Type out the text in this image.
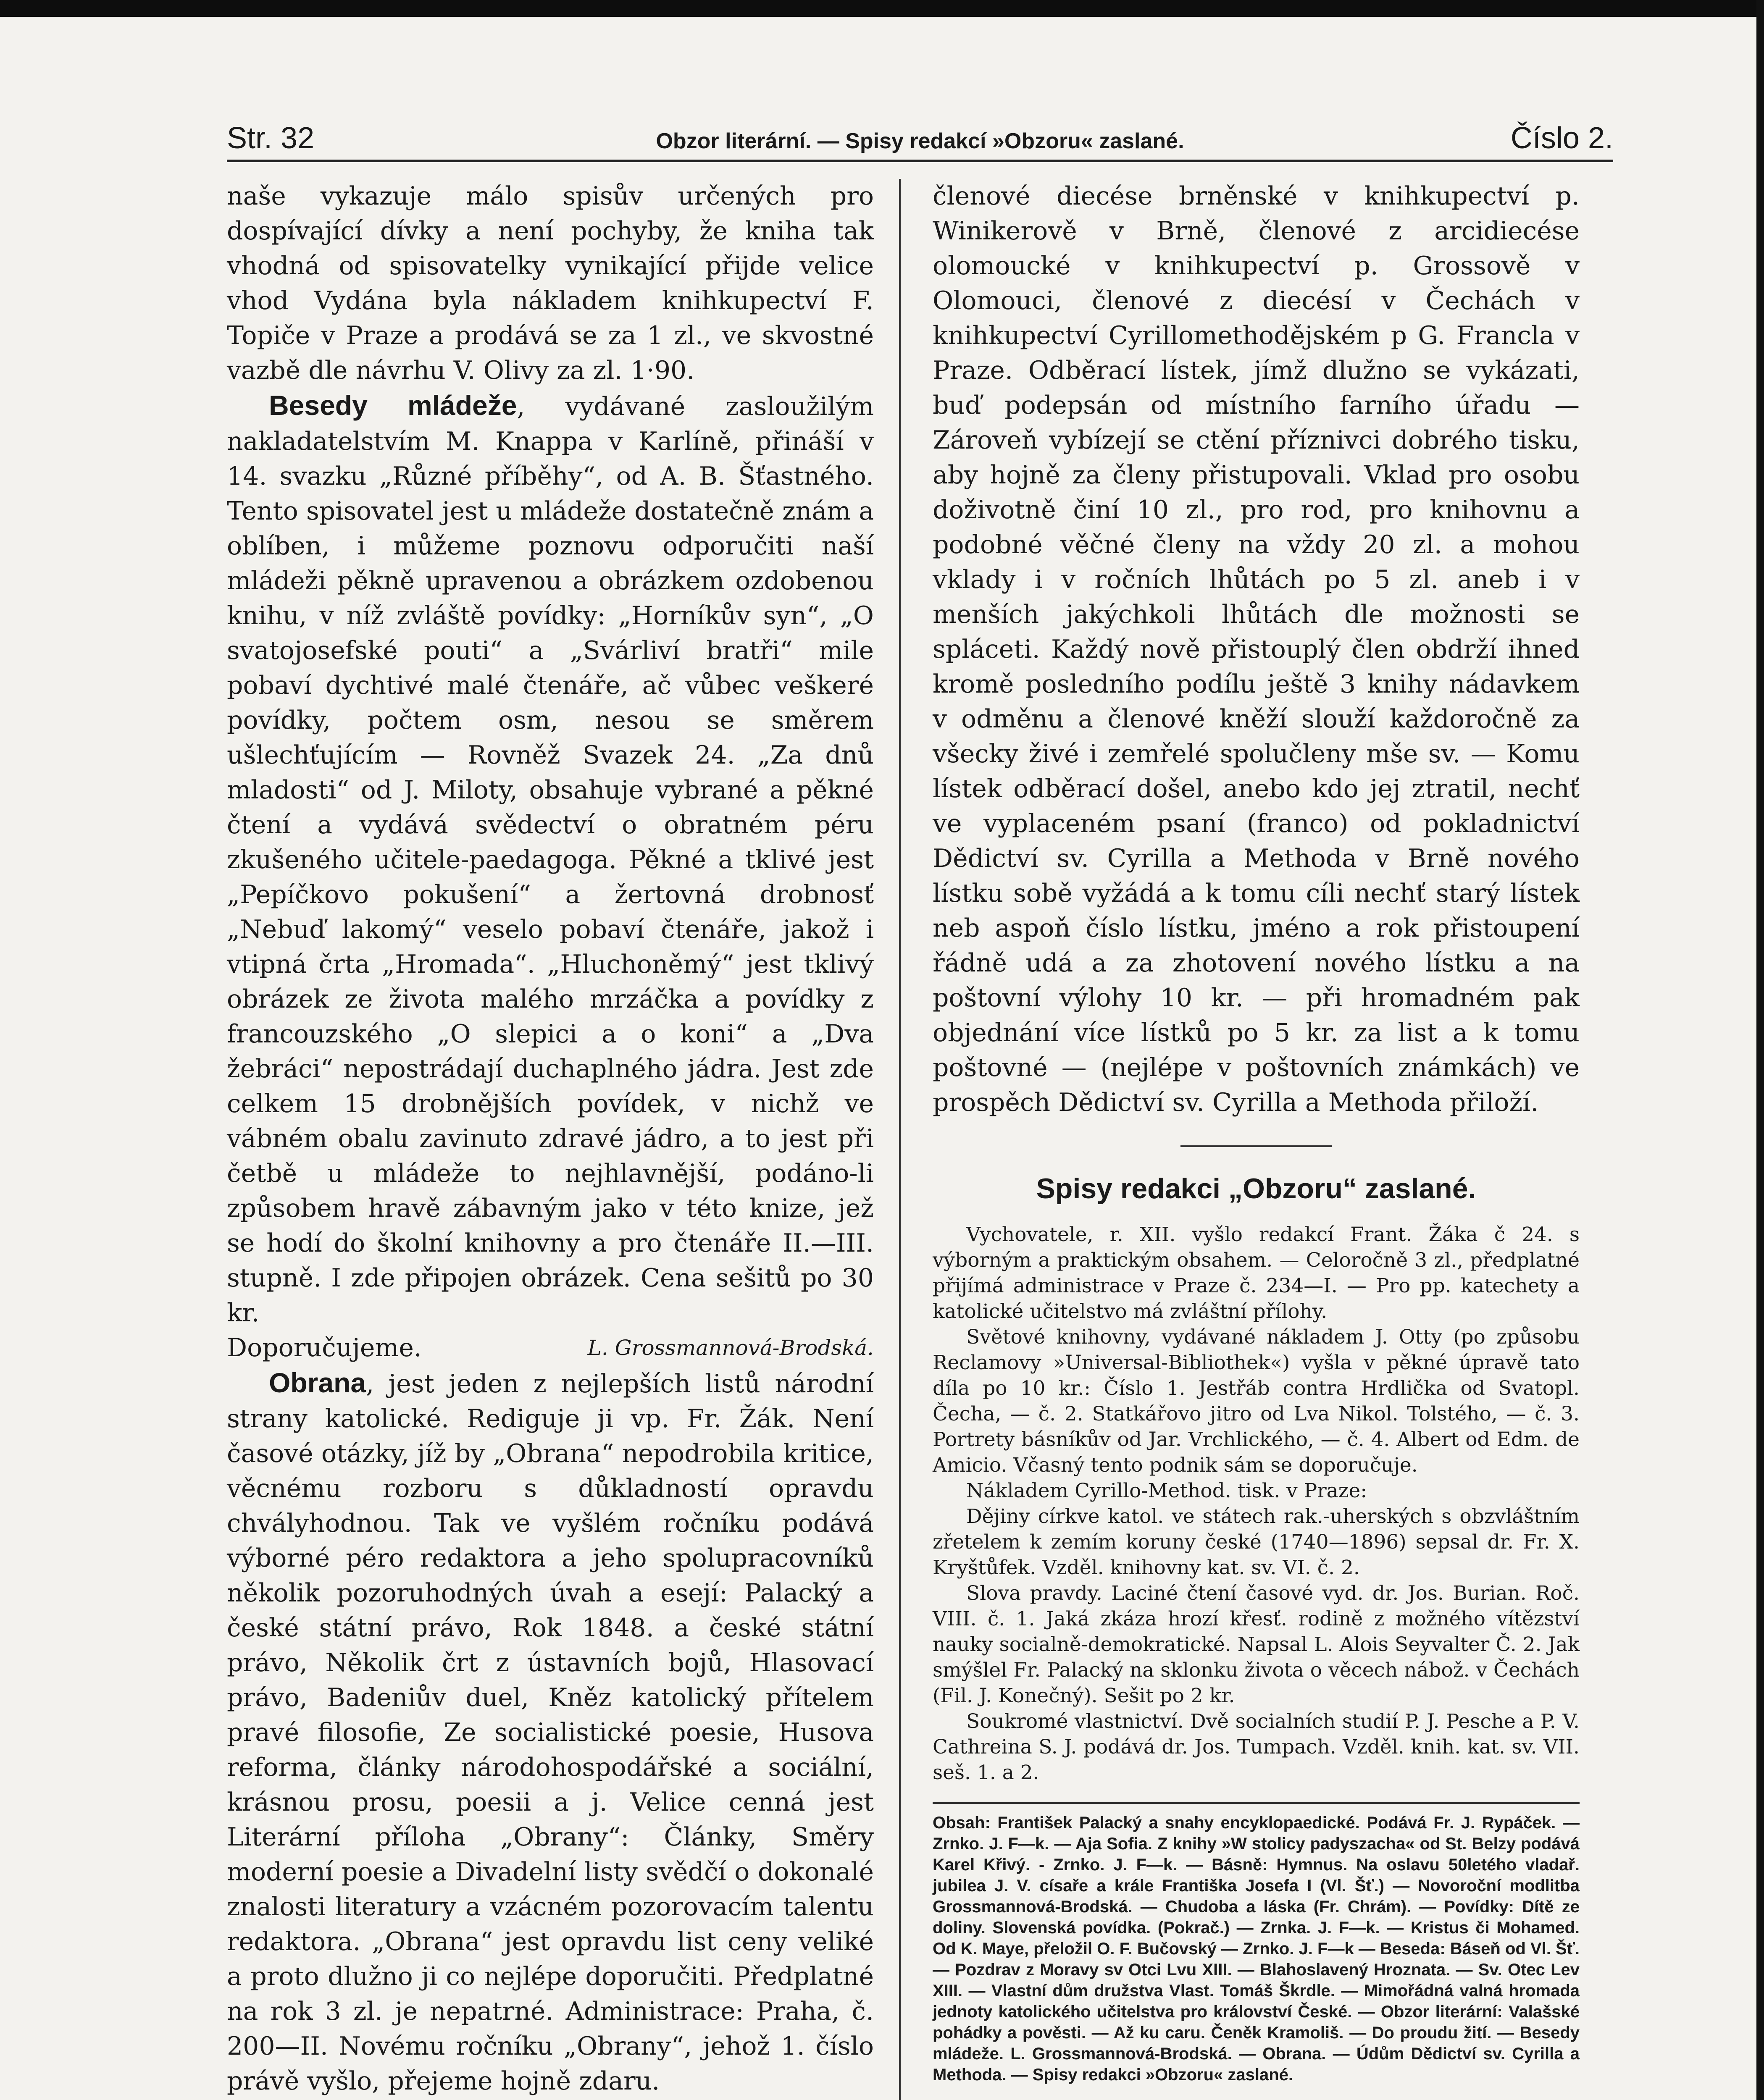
Str. 32	Obzor literární. — Spisy redakcí »Obzoru« zaslané.	Číslo 2.

naše vykazuje málo spisův určených pro dospívající dívky a není pochyby, že kniha tak vhodná od spisovatelky vynikající přijde velice vhod Vydána byla nákladem knihkupectví F. Topiče v Praze a prodává se za 1 zl., ve skvostné vazbě dle návrhu V. Olivy za zl. 1·90.

Besedy mládeže, vydávané zasloužilým nakladatelstvím M. Knappa v Karlíně, přináší v 14. svazku „Různé příběhy“, od A. B. Šťastného. Tento spisovatel jest u mládeže dostatečně znám a oblíben, i můžeme poznovu odporučiti naší mládeži pěkně upravenou a obrázkem ozdobenou knihu, v níž zvláště povídky: „Horníkův syn“, „O svatojosefské pouti“ a „Svárliví bratři“ mile pobaví dychtivé malé čtenáře, ač vůbec veškeré povídky, počtem osm, nesou se směrem ušlechťujícím — Rovněž Svazek 24. „Za dnů mladosti“ od J. Miloty, obsahuje vybrané a pěkné čtení a vydává svědectví o obratném péru zkušeného učitele-paedagoga. Pěkné a tklivé jest „Pepíčkovo pokušení“ a žertovná drobnosť „Nebuď lakomý“ veselo pobaví čtenáře, jakož i vtipná črta „Hromada“. „Hluchoněmý“ jest tklivý obrázek ze života malého mrzáčka a povídky z francouzského „O slepici a o koni“ a „Dva žebráci“ nepostrádají duchaplného jádra. Jest zde celkem 15 drobnějších povídek, v nichž ve vábném obalu zavinuto zdravé jádro, a to jest při četbě u mládeže to nejhlavnější, podáno-li způsobem hravě zábavným jako v této knize, jež se hodí do školní knihovny a pro čtenáře II.—III. stupně. I zde připojen obrázek. Cena sešitů po 30 kr.

Doporučujeme.	L. Grossmannová-Brodská.

Obrana, jest jeden z nejlepších listů národní strany katolické. Rediguje ji vp. Fr. Žák. Není časové otázky, jíž by „Obrana“ nepodrobila kritice, věcnému rozboru s důkladností opravdu chvályhodnou. Tak ve vyšlém ročníku podává výborné péro redaktora a jeho spolupracovníků několik pozoruhodných úvah a esejí: Palacký a české státní právo, Rok 1848. a české státní právo, Několik črt z ústavních bojů, Hlasovací právo, Badeniův duel, Kněz katolický přítelem pravé filosofie, Ze socialistické poesie, Husova reforma, články národohospodářské a sociální, krásnou prosu, poesii a j. Velice cenná jest Literární příloha „Obrany“: Články, Směry moderní poesie a Divadelní listy svědčí o dokonalé znalosti literatury a vzácném pozorovacím talentu redaktora. „Obrana“ jest opravdu list ceny veliké a proto dlužno ji co nejlépe doporučiti. Předplatné na rok 3 zl. je nepatrné. Administrace: Praha, č. 200—II. Novému ročníku „Obrany“, jehož 1. číslo právě vyšlo, přejeme hojně zdaru.

členové diecése brněnské v knihkupectví p. Winikerově v Brně, členové z arcidiecése olomoucké v knihkupectví p. Grossově v Olomouci, členové z diecésí v Čechách v knihkupectví Cyrillomethodějském p G. Francla v Praze. Odběrací lístek, jímž dlužno se vykázati, buď podepsán od místního farního úřadu — Zároveň vybízejí se ctění příznivci dobrého tisku, aby hojně za členy přistupovali. Vklad pro osobu doživotně činí 10 zl., pro rod, pro knihovnu a podobné věčné členy na vždy 20 zl. a mohou vklady i v ročních lhůtách po 5 zl. aneb i v menších jakýchkoli lhůtách dle možnosti se spláceti. Každý nově přistouplý člen obdrží ihned kromě posledního podílu ještě 3 knihy nádavkem v odměnu a členové kněží slouží každoročně za všecky živé i zemřelé spolučleny mše sv. — Komu lístek odběrací došel, anebo kdo jej ztratil, nechť ve vyplaceném psaní (franco) od pokladnictví Dědictví sv. Cyrilla a Methoda v Brně nového lístku sobě vyžádá a k tomu cíli nechť starý lístek neb aspoň číslo lístku, jméno a rok přistoupení řádně udá a za zhotovení nového lístku a na poštovní výlohy 10 kr. — při hromadném pak objednání více lístků po 5 kr. za list a k tomu poštovné — (nejlépe v poštovních známkách) ve prospěch Dědictví sv. Cyrilla a Methoda přiloží.

Spisy redakci „Obzoru“ zaslané.

Vychovatele, r. XII. vyšlo redakcí Frant. Žáka č 24. s výborným a praktickým obsahem. — Celoročně 3 zl., předplatné přijímá administrace v Praze č. 234—I. — Pro pp. katechety a katolické učitelstvo má zvláštní přílohy.

Světové knihovny, vydávané nákladem J. Otty (po způsobu Reclamovy »Universal-Bibliothek«) vyšla v pěkné úpravě tato díla po 10 kr.: Číslo 1. Jestřáb contra Hrdlička od Svatopl. Čecha, — č. 2. Statkářovo jitro od Lva Nikol. Tolstého, — č. 3. Portrety básníkův od Jar. Vrchlického, — č. 4. Albert od Edm. de Amicio. Včasný tento podnik sám se doporučuje.

Nákladem Cyrillo-Method. tisk. v Praze:

Dějiny církve katol. ve státech rak.-uherských s obzvláštním zřetelem k zemím koruny české (1740—1896) sepsal dr. Fr. X. Kryštůfek. Vzděl. knihovny kat. sv. VI. č. 2.

Slova pravdy. Laciné čtení časové vyd. dr. Jos. Burian. Roč. VIII. č. 1. Jaká zkáza hrozí křesť. rodině z možného vítězství nauky socialně-demokratické. Napsal L. Alois Seyvalter Č. 2. Jak smýšlel Fr. Palacký na sklonku života o věcech nábož. v Čechách (Fil. J. Konečný). Sešit po 2 kr.

Soukromé vlastnictví. Dvě socialních studií P. J. Pesche a P. V. Cathreina S. J. podává dr. Jos. Tumpach. Vzděl. knih. kat. sv. VII. seš. 1. a 2.

Obsah: František Palacký a snahy encyklopaedické. Podává Fr. J. Rypáček. — Zrnko. J. F—k. — Aja Sofia. Z knihy »W stolicy padyszacha« od St. Belzy podává Karel Křivý. - Zrnko. J. F—k. — Básně: Hymnus. Na oslavu 50letého vladař. jubilea J. V. císaře a krále Františka Josefa I (Vl. Šť.) — Novoroční modlitba Grossmannová-Brodská. — Chudoba a láska (Fr. Chrám). — Povídky: Dítě ze doliny. Slovenská povídka. (Pokrač.) — Zrnka. J. F—k. — Kristus či Mohamed. Od K. Maye, přeložil O. F. Bučovský — Zrnko. J. F—k — Beseda: Báseň od Vl. Šť. — Pozdrav z Moravy sv Otci Lvu XIII. — Blahoslavený Hroznata. — Sv. Otec Lev XIII. — Vlastní dům družstva Vlast. Tomáš Škrdle. — Mimořádná valná hromada jednoty katolického učitelstva pro království České. — Obzor literární: Valašské pohádky a pověsti. — Až ku caru. Čeněk Kramoliš. — Do proudu žití. — Besedy mládeže. L. Grossmannová-Brodská. — Obrana. — Údům Dědictví sv. Cyrilla a Methoda. — Spisy redakci »Obzoru« zaslané.
